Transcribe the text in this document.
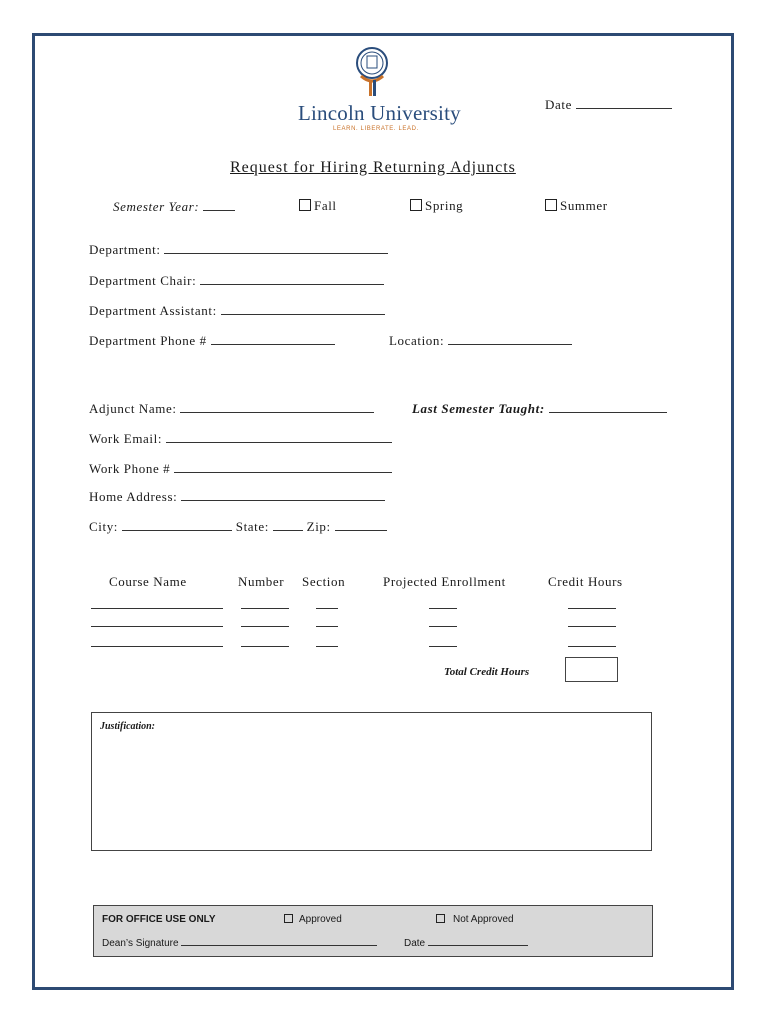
Lincoln University
LEARN. LIBERATE. LEAD.
Date
Request for Hiring Returning Adjuncts
Semester Year:	Fall	Spring	Summer
Department:
Department Chair:
Department Assistant:
Department Phone #	Location:
Adjunct Name:	Last Semester Taught:
Work Email:
Work Phone #
Home Address:
City:	State:	Zip:
Course Name	Number Section	Projected Enrollment	Credit Hours
Total Credit Hours
Justification:
FOR OFFICE USE ONLY	Approved	Not Approved
Dean’s Signature	Date
